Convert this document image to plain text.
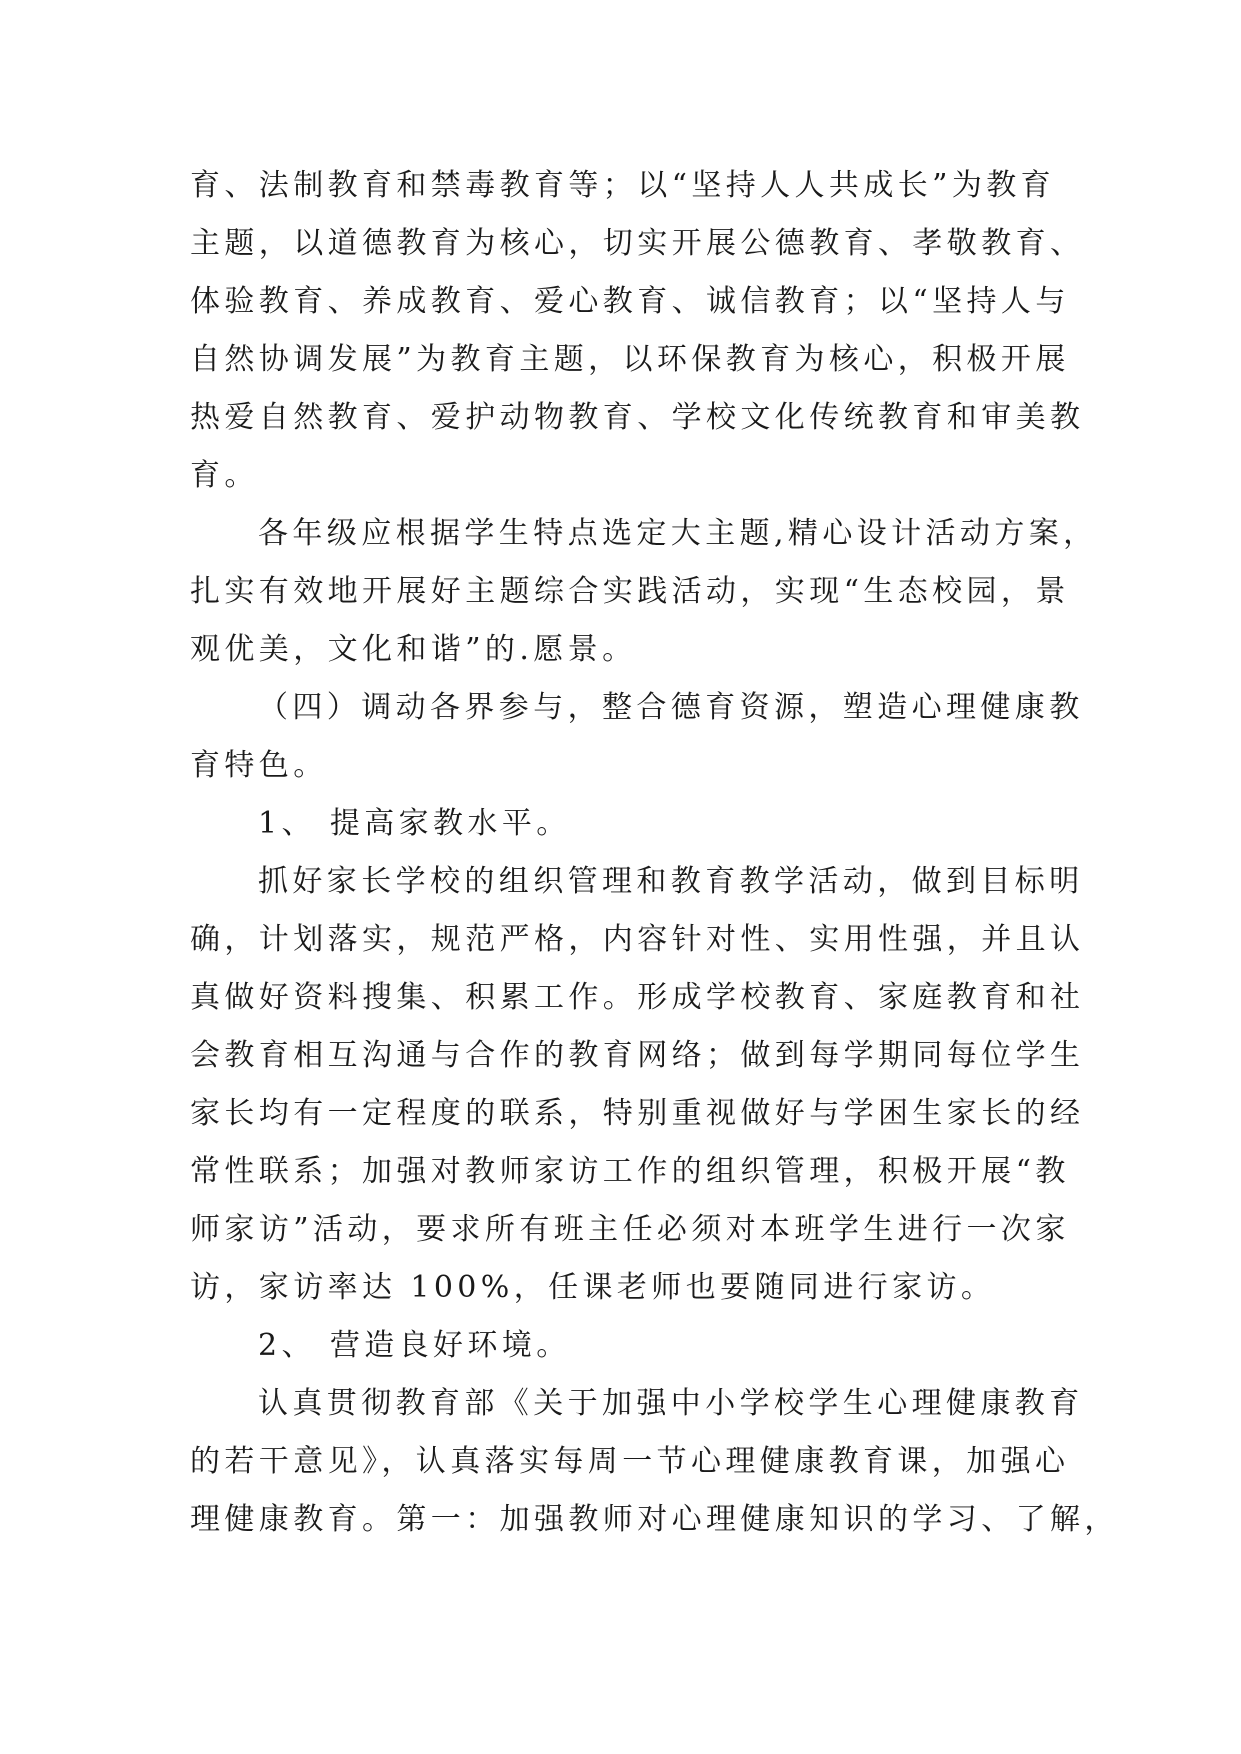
育、法制教育和禁毒教育等；以“坚持人人共成长”为教育
主题，以道德教育为核心，切实开展公德教育、孝敬教育、
体验教育、养成教育、爱心教育、诚信教育；以“坚持人与
自然协调发展”为教育主题，以环保教育为核心，积极开展
热爱自然教育、爱护动物教育、学校文化传统教育和审美教
育。
各年级应根据学生特点选定大主题,精心设计活动方案，
扎实有效地开展好主题综合实践活动，实现“生态校园，景
观优美，文化和谐”的.愿景。
（四）调动各界参与，整合德育资源，塑造心理健康教
育特色。
1、 提高家教水平。
抓好家长学校的组织管理和教育教学活动，做到目标明
确，计划落实，规范严格，内容针对性、实用性强，并且认
真做好资料搜集、积累工作。形成学校教育、家庭教育和社
会教育相互沟通与合作的教育网络；做到每学期同每位学生
家长均有一定程度的联系，特别重视做好与学困生家长的经
常性联系；加强对教师家访工作的组织管理，积极开展“教
师家访”活动，要求所有班主任必须对本班学生进行一次家
访，家访率达 100%，任课老师也要随同进行家访。
2、 营造良好环境。
认真贯彻教育部《关于加强中小学校学生心理健康教育
的若干意见》，认真落实每周一节心理健康教育课，加强心
理健康教育。第一：加强教师对心理健康知识的学习、了解，
